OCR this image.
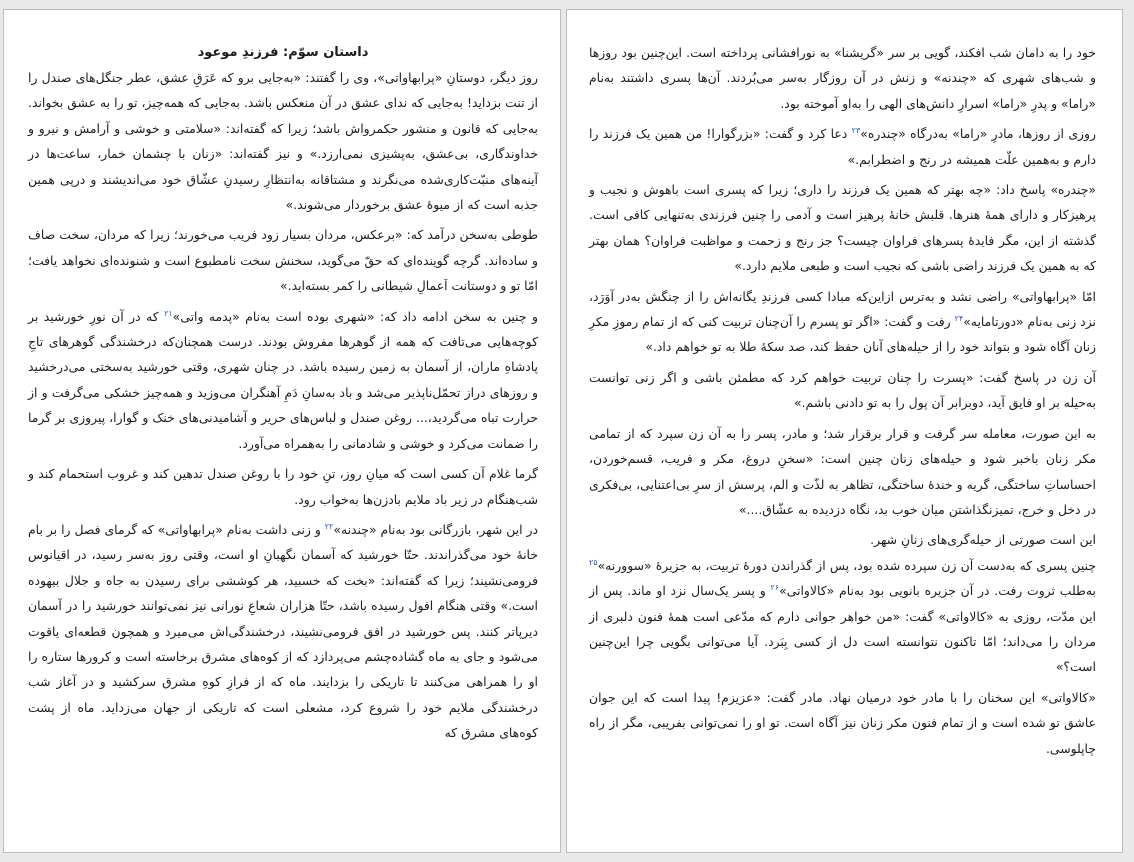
داستان سوّم: فرزندِ موعود

روز دیگر، دوستانِ «پرابهاواتی»، وی را گفتند: «به‌جایی برو که عَرَقِ عشق، عطر جنگل‌های صندل را از تنت بزداید! به‌جایی که ندای عشق در آن منعکس باشد. به‌جایی که همه‌چیز، تو را به عشق بخواند. به‌جایی که قانون و منشور حکمرواش باشد؛ زیرا که گفته‌اند: «سلامتی و خوشی و آرامش و نیرو و خداوندگاری، بی‌عشق، به‌پشیزی نمی‌ارزد.» و نیز گفته‌اند: «زنان با چشمان خمار، ساعت‌ها در آینه‌های منبّت‌کاری‌شده می‌نگرند و مشتاقانه به‌انتظارِ رسیدنِ عشّاق خود می‌اندیشند و درپی همین جذبه است که از میوهٔ عشق برخوردار می‌شوند.»

طوطی به‌سخن درآمد که: «برعکس، مردان بسیار زود فریب می‌خورند؛ زیرا که مردان، سخت صاف و ساده‌اند. گرچه گوینده‌ای که حقّ می‌گوید، سخنش سخت نامطبوع است و شنونده‌ای نخواهد یافت؛ امّا تو و دوستانت اَعمالِ شیطانی را کمر بسته‌اید.»

و چنین به سخن ادامه داد که: «شهری بوده است به‌نام «پدمه واتی»$^{۲۱}$ که در آن نورِ خورشید بر کوچه‌هایی می‌تافت که همه از گوهرها مفروش بودند. درست همچنان‌که درخشندگی گوهرهای تاجِ پادشاهِ ماران، از آسمان به زمین رسیده باشد. در چنان شهری، وقتی خورشید به‌سختی می‌درخشید و روزهای دراز تحمّل‌ناپذیر می‌شد و باد به‌سانِ دَمِ آهنگران می‌وزید و همه‌چیز خشکی می‌گرفت و از حرارت تباه می‌گردید،... روغن صندل و لباس‌های حریر و آشامیدنی‌های خنک و گوارا، پیروزی بر گرما را ضمانت می‌کرد و خوشی و شادمانی را به‌همراه می‌آورد.

گرما غلام آن کسی است که میانِ روز، تنِ خود را با روغن صندل تدهین کند و غروب استحمام کند و شب‌هنگام در زیر باد ملایم بادزن‌ها به‌خواب رود.

در این شهر، بازرگانی بود به‌نام «چندنه»$^{۲۲}$ و زنی داشت به‌نام «پرابهاواتی» که گرمای فصل را بر بام خانهٔ خود می‌گذراندند. حتّا خورشید که آسمان نگهبانِ او است، وقتی روز به‌سر رسید، در اقیانوس فرومی‌نشیند؛ زیرا که گفته‌اند: «بخت که خسبید، هر کوششی برای رسیدن به جاه و جلال بیهوده است.» وقتی هنگام افول رسیده باشد، حتّا هزاران شعاعِ نورانی نیز نمی‌توانند خورشید را در آسمان دیرپاتر کنند. پس خورشید در افق فرومی‌نشیند، درخشندگی‌اش می‌میرد و همچون قطعه‌ای یاقوت می‌شود و جای به ماه گشاده‌چشم می‌پردازد که از کوه‌های مشرق برخاسته است و کرورها ستاره را او را همراهی می‌کنند تا تاریکی را بزدایند. ماه که از فرازِ کوهِ مشرق سرکشید و در آغاز شب درخشندگی ملایم خود را شروع کرد، مشعلی است که تاریکی از جهان می‌زداید. ماه از پشت کوه‌های مشرق که

خود را به دامان شب افکند، گویی بر سر «گریشنا» به نورافشانی پرداخته است. این‌چنین بود روزها و شب‌های شهری که «چندنه» و زنش در آن روزگار به‌سر می‌بُردند. آن‌ها پسری داشتند به‌نام «راما» و پدرِ «راما» اسرارِ دانش‌های الهی را به‌او آموخته بود.

روزی از روزها، مادرِ «راما» به‌درگاه «چندره»$^{۲۳}$ دعا کرد و گفت: «بزرگوارا! من همین یک فرزند را دارم و به‌همین علّت همیشه در رنج و اضطرابم.»

«چندره» پاسخ داد: «چه بهتر که همین یک فرزند را داری؛ زیرا که پسری است باهوش و نجیب و پرهیزکار و دارای همهٔ هنرها. قلبش خانهٔ پرهیز است و آدمی را چنین فرزندی به‌تنهایی کافی است. گذشته از این، مگر فایدهٔ پسرهای فراوان چیست؟ جز رنج و زحمت و مواظبت فراوان؟ همان بهتر که به همین یک فرزند راضی باشی که نجیب است و طبعی ملایم دارد.»

امّا «پرابهاواتی» راضی نشد و به‌ترس ازاین‌که مبادا کسی فرزندِ یگانه‌اش را از چنگش به‌در آوَرَد، نزد زنی به‌نام «دورتامایه»$^{۲۴}$ رفت و گفت: «اگر تو پسرم را آن‌چنان تربیت کنی که از تمام رموزِ مکرِ زنان آگاه شود و بتواند خود را از حیله‌های آنان حفظ کند، صد سکهٔ طلا به تو خواهم داد.»

آن زن در پاسخ گفت: «پسرت را چنان تربیت خواهم کرد که مطمئن باشی و اگر زنی توانست به‌حیله بر او فایق آید، دوبرابر آن پول را به تو دادنی باشم.»

به این صورت، معامله سر گرفت و قرار برقرار شد؛ و مادر، پسر را به آن زن سپرد که از تمامی مکر زنان باخبر شود و حیله‌های زنان چنین است: «سخنِ دروغ، مکر و فریب، قسم‌خوردن، احساساتِ ساختگی، گریه و خندهٔ ساختگی، تظاهر به لذّت و الم، پرسش از سرِ بی‌اعتنایی، بی‌فکری در دخل و خرج، تمیزنگذاشتن میان خوب بد، نگاه دزدیده به عشّاق....»

این است صورتی از حیله‌گری‌های زنانِ شهر.

چنین پسری که به‌دست آن زن سپرده شده بود، پس از گذراندن دورهٔ تربیت، به جزیرهٔ «سوورنه»$^{۲۵}$ به‌طلب ثروت رفت. در آن جزیره بانویی بود به‌نام «کالاواتی»$^{۲۶}$ و پسر یک‌سال نزد او ماند. پس از این مدّت، روزی به «کالاواتی» گفت: «من خواهر جوانی دارم که مدّعی است همهٔ فنون دلبری از مردان را می‌داند؛ امّا تاکنون نتوانسته است دل از کسی بِبَرد. آیا می‌توانی بگویی چرا این‌چنین است؟»

«کالاواتی» این سخنان را با مادر خود درمیان نهاد. مادر گفت: «عزیزم! پیدا است که این جوان عاشق تو شده است و از تمام فنون مکر زنان نیز آگاه است. تو او را نمی‌توانی بفریبی، مگر از راه چاپلوسی.
